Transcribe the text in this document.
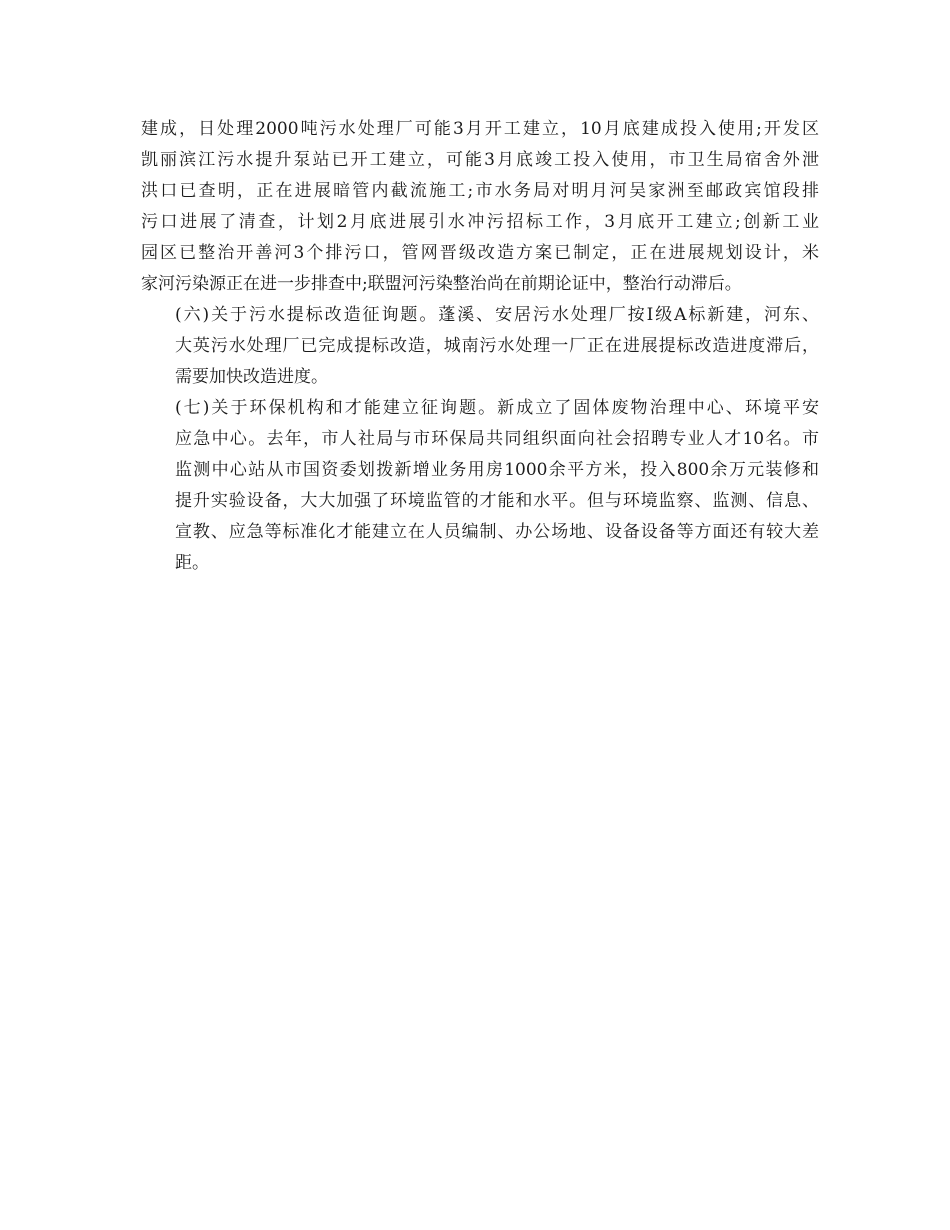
建成，日处理2000吨污水处理厂可能3月开工建立，10月底建成投入使用;开发区
凯丽滨江污水提升泵站已开工建立，可能3月底竣工投入使用，市卫生局宿舍外泄
洪口已查明，正在进展暗管内截流施工;市水务局对明月河吴家洲至邮政宾馆段排
污口进展了清查，计划2月底进展引水冲污招标工作，3月底开工建立;创新工业
园区已整治开善河3个排污口，管网晋级改造方案已制定，正在进展规划设计，米
家河污染源正在进一步排查中;联盟河污染整治尚在前期论证中，整治行动滞后。

(六)关于污水提标改造征询题。蓬溪、安居污水处理厂按Ⅰ级A标新建，河东、
大英污水处理厂已完成提标改造，城南污水处理一厂正在进展提标改造进度滞后，
需要加快改造进度。

(七)关于环保机构和才能建立征询题。新成立了固体废物治理中心、环境平安
应急中心。去年，市人社局与市环保局共同组织面向社会招聘专业人才10名。市
监测中心站从市国资委划拨新增业务用房1000余平方米，投入800余万元装修和
提升实验设备，大大加强了环境监管的才能和水平。但与环境监察、监测、信息、
宣教、应急等标准化才能建立在人员编制、办公场地、设备设备等方面还有较大差
距。
